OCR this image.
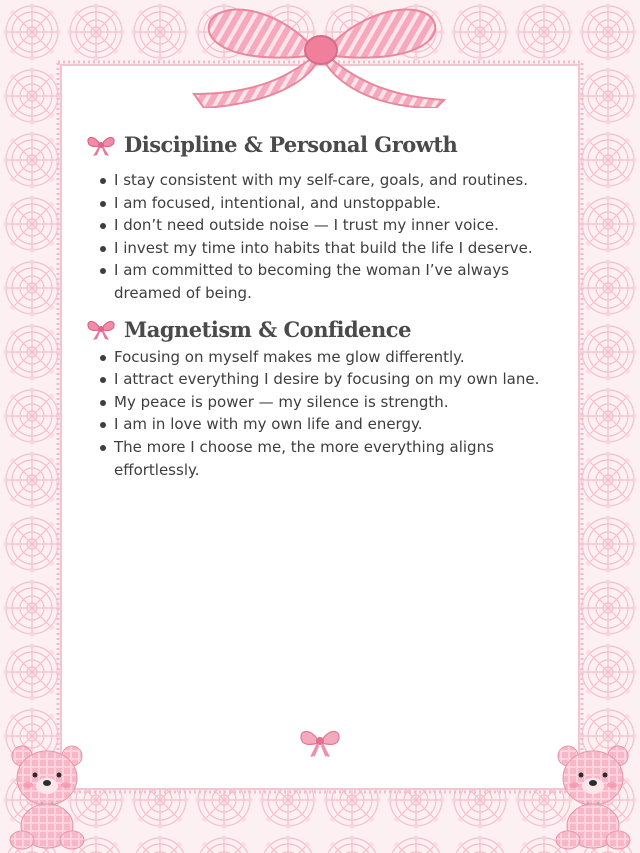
Discipline & Personal Growth
I stay consistent with my self-care, goals, and routines.
I am focused, intentional, and unstoppable.
I don’t need outside noise — I trust my inner voice.
I invest my time into habits that build the life I deserve.
I am committed to becoming the woman I’ve always dreamed of being.
Magnetism & Confidence
Focusing on myself makes me glow differently.
I attract everything I desire by focusing on my own lane.
My peace is power — my silence is strength.
I am in love with my own life and energy.
The more I choose me, the more everything aligns effortlessly.
